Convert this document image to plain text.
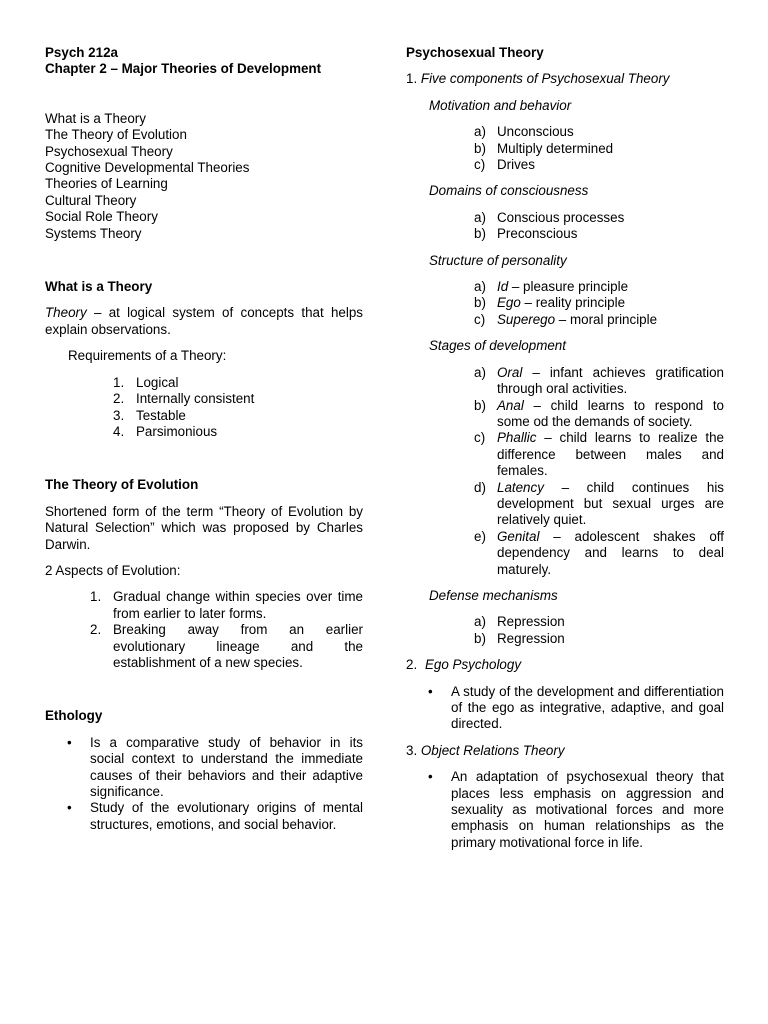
Psych 212a

Chapter 2 – Major Theories of Development

What is a Theory
The Theory of Evolution
Psychosexual Theory
Cognitive Developmental Theories
Theories of Learning
Cultural Theory
Social Role Theory
Systems Theory

What is a Theory

Theory – at logical system of concepts that helps explain observations.

Requirements of a Theory:

1. Logical
2. Internally consistent
3. Testable
4. Parsimonious

The Theory of Evolution

Shortened form of the term “Theory of Evolution by Natural Selection” which was proposed by Charles Darwin.

2 Aspects of Evolution:

1. Gradual change within species over time from earlier to later forms.
2. Breaking away from an earlier evolutionary lineage and the establishment of a new species.

Ethology

• Is a comparative study of behavior in its social context to understand the immediate causes of their behaviors and their adaptive significance.
• Study of the evolutionary origins of mental structures, emotions, and social behavior.

Psychosexual Theory

1. Five components of Psychosexual Theory

Motivation and behavior

a) Unconscious
b) Multiply determined
c) Drives

Domains of consciousness

a) Conscious processes
b) Preconscious

Structure of personality

a) Id – pleasure principle
b) Ego – reality principle
c) Superego – moral principle

Stages of development

a) Oral – infant achieves gratification through oral activities.
b) Anal – child learns to respond to some od the demands of society.
c) Phallic – child learns to realize the difference between males and females.
d) Latency – child continues his development but sexual urges are relatively quiet.
e) Genital – adolescent shakes off dependency and learns to deal maturely.

Defense mechanisms

a) Repression
b) Regression

2. Ego Psychology

• A study of the development and differentiation of the ego as integrative, adaptive, and goal directed.

3. Object Relations Theory

• An adaptation of psychosexual theory that places less emphasis on aggression and sexuality as motivational forces and more emphasis on human relationships as the primary motivational force in life.
